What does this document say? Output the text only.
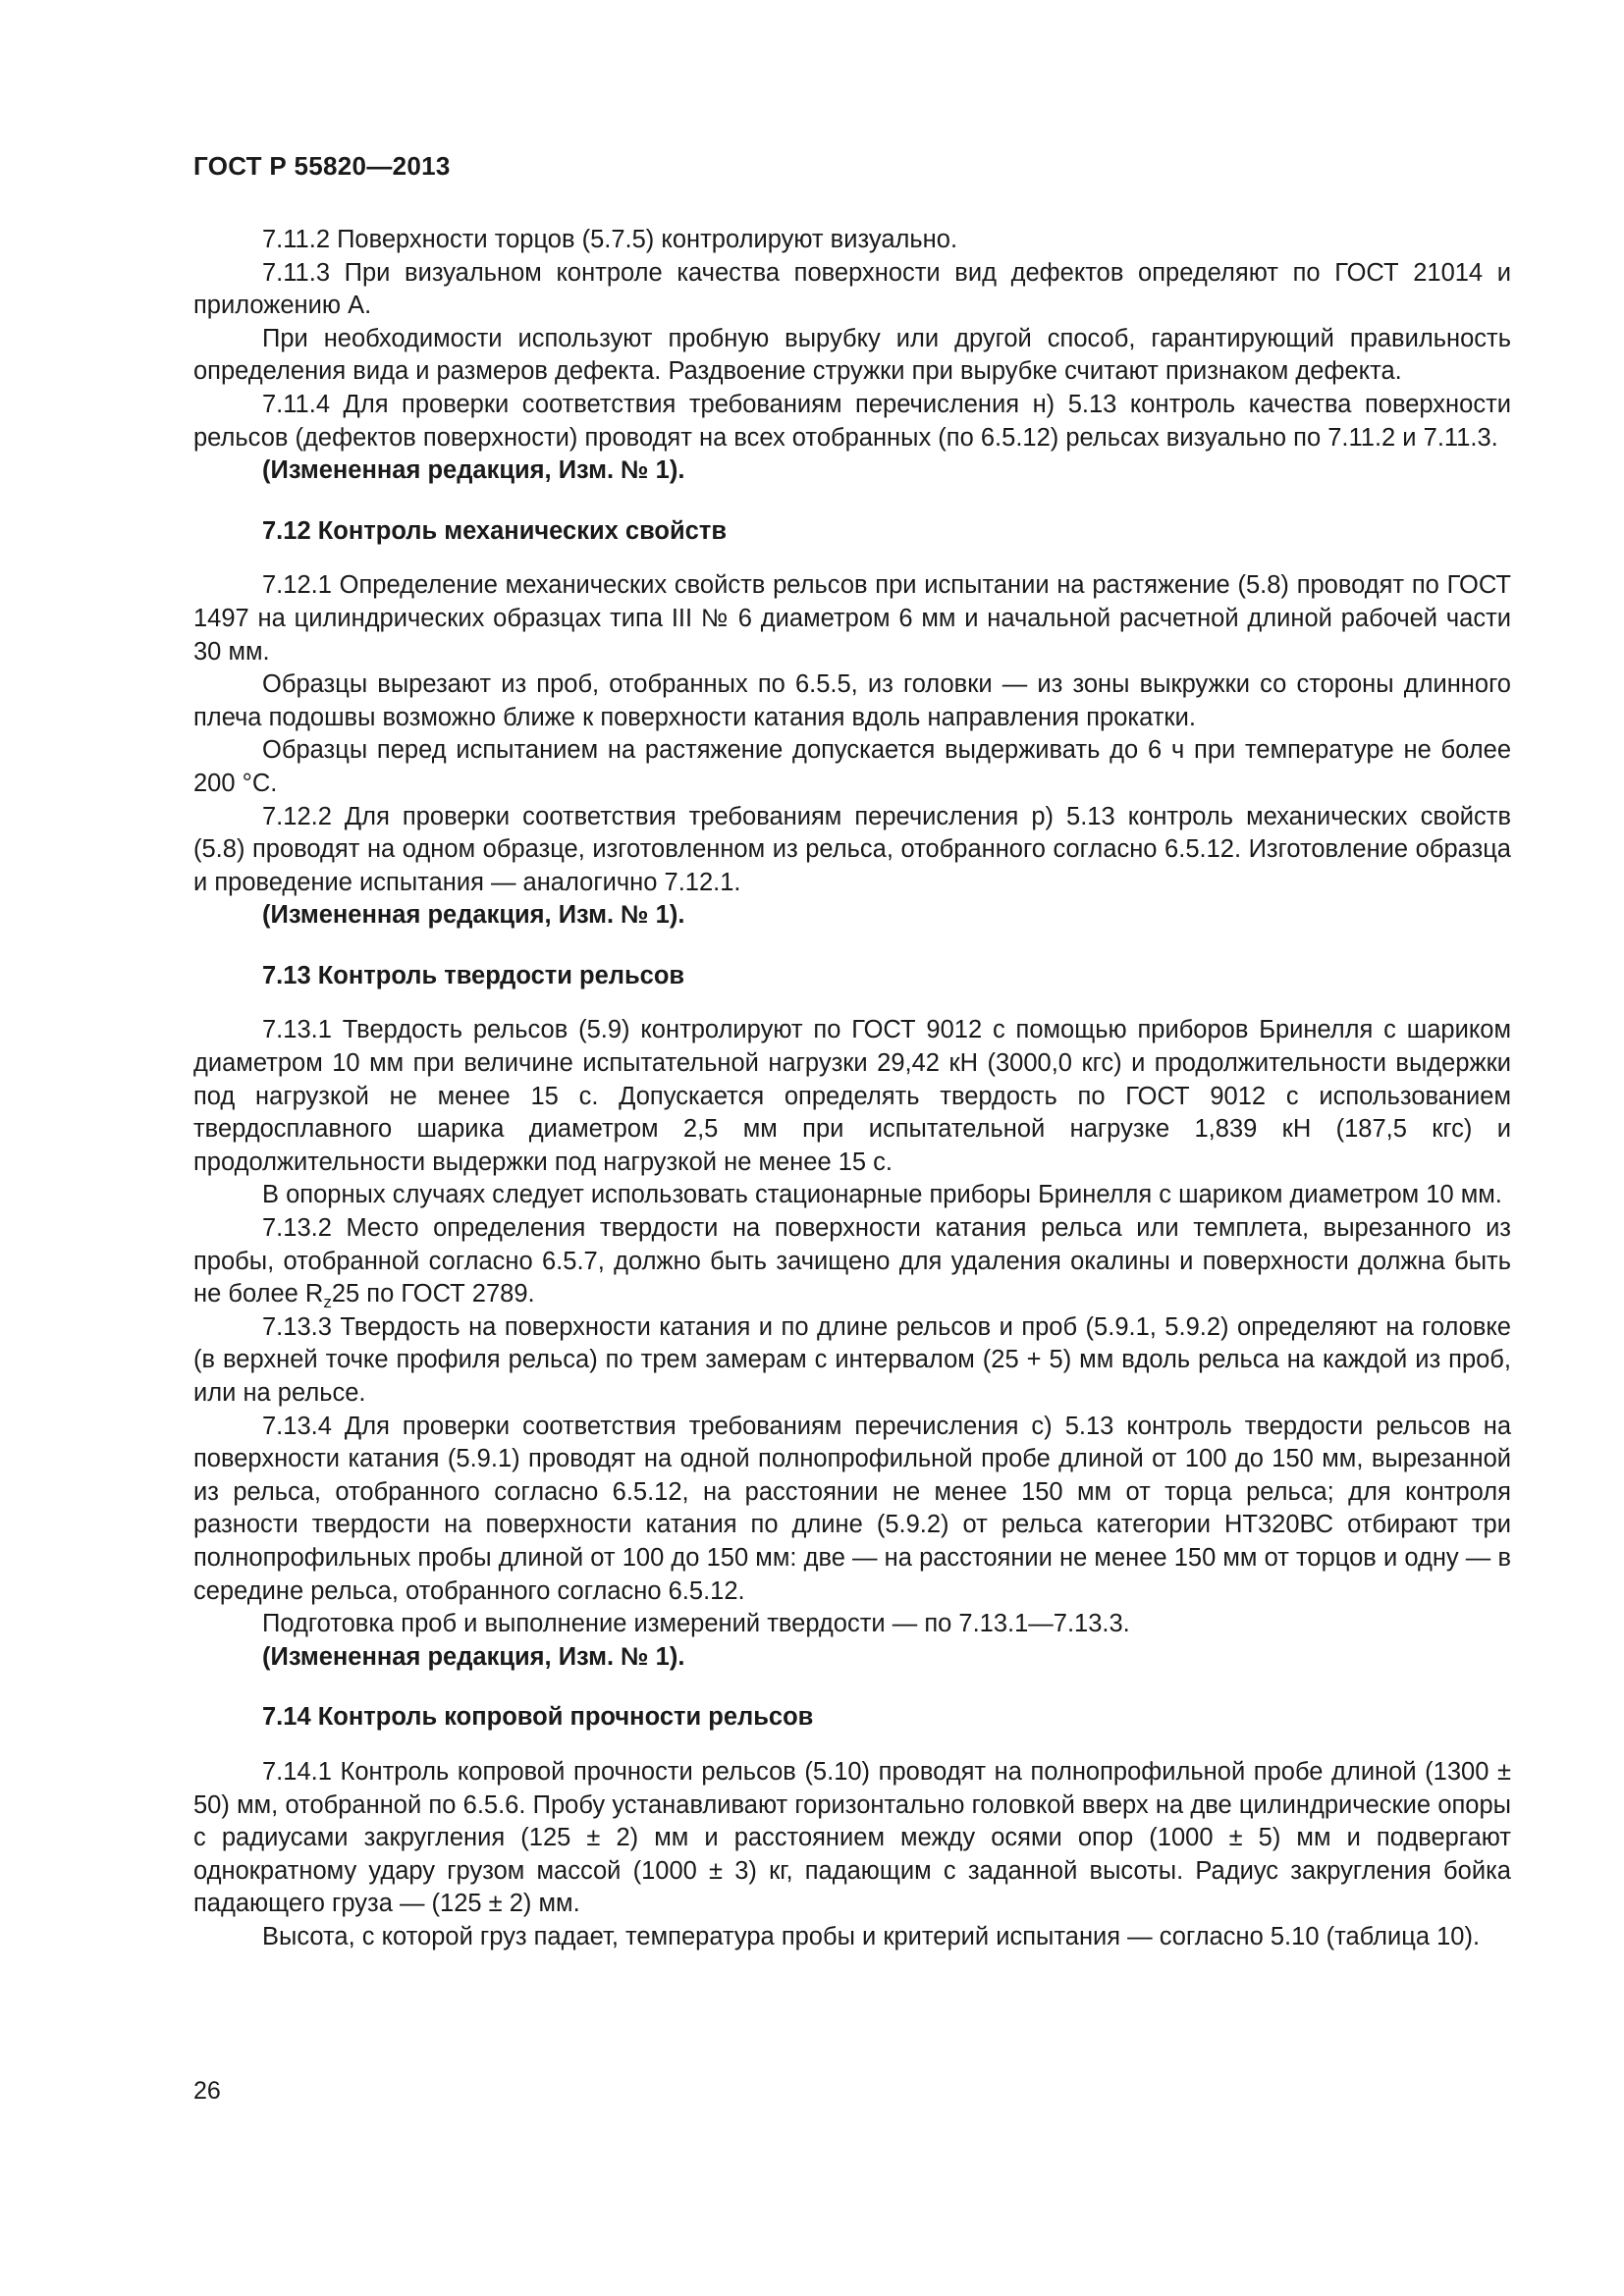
ГОСТ Р 55820—2013

7.11.2 Поверхности торцов (5.7.5) контролируют визуально.

7.11.3 При визуальном контроле качества поверхности вид дефектов определяют по ГОСТ 21014 и приложению А.

При необходимости используют пробную вырубку или другой способ, гарантирующий правильность определения вида и размеров дефекта. Раздвоение стружки при вырубке считают признаком дефекта.

7.11.4 Для проверки соответствия требованиям перечисления н) 5.13 контроль качества поверхности рельсов (дефектов поверхности) проводят на всех отобранных (по 6.5.12) рельсах визуально по 7.11.2 и 7.11.3.

(Измененная редакция, Изм. № 1).

7.12 Контроль механических свойств

7.12.1 Определение механических свойств рельсов при испытании на растяжение (5.8) проводят по ГОСТ 1497 на цилиндрических образцах типа III № 6 диаметром 6 мм и начальной расчетной длиной рабочей части 30 мм.

Образцы вырезают из проб, отобранных по 6.5.5, из головки — из зоны выкружки со стороны длинного плеча подошвы возможно ближе к поверхности катания вдоль направления прокатки.

Образцы перед испытанием на растяжение допускается выдерживать до 6 ч при температуре не более 200 °С.

7.12.2 Для проверки соответствия требованиям перечисления р) 5.13 контроль механических свойств (5.8) проводят на одном образце, изготовленном из рельса, отобранного согласно 6.5.12. Изготовление образца и проведение испытания — аналогично 7.12.1.

(Измененная редакция, Изм. № 1).

7.13 Контроль твердости рельсов

7.13.1 Твердость рельсов (5.9) контролируют по ГОСТ 9012 с помощью приборов Бринелля с шариком диаметром 10 мм при величине испытательной нагрузки 29,42 кН (3000,0 кгс) и продолжительности выдержки под нагрузкой не менее 15 с. Допускается определять твердость по ГОСТ 9012 с использованием твердосплавного шарика диаметром 2,5 мм при испытательной нагрузке 1,839 кН (187,5 кгс) и продолжительности выдержки под нагрузкой не менее 15 с.

В опорных случаях следует использовать стационарные приборы Бринелля с шариком диаметром 10 мм.

7.13.2 Место определения твердости на поверхности катания рельса или темплета, вырезанного из пробы, отобранной согласно 6.5.7, должно быть зачищено для удаления окалины и поверхности должна быть не более $R_z25$ по ГОСТ 2789.

7.13.3 Твердость на поверхности катания и по длине рельсов и проб (5.9.1, 5.9.2) определяют на головке (в верхней точке профиля рельса) по трем замерам с интервалом (25 + 5) мм вдоль рельса на каждой из проб, или на рельсе.

7.13.4 Для проверки соответствия требованиям перечисления с) 5.13 контроль твердости рельсов на поверхности катания (5.9.1) проводят на одной полнопрофильной пробе длиной от 100 до 150 мм, вырезанной из рельса, отобранного согласно 6.5.12, на расстоянии не менее 150 мм от торца рельса; для контроля разности твердости на поверхности катания по длине (5.9.2) от рельса категории НТ320ВС отбирают три полнопрофильных пробы длиной от 100 до 150 мм: две — на расстоянии не менее 150 мм от торцов и одну — в середине рельса, отобранного согласно 6.5.12.

Подготовка проб и выполнение измерений твердости — по 7.13.1—7.13.3.

(Измененная редакция, Изм. № 1).

7.14 Контроль копровой прочности рельсов

7.14.1 Контроль копровой прочности рельсов (5.10) проводят на полнопрофильной пробе длиной (1300 ± 50) мм, отобранной по 6.5.6. Пробу устанавливают горизонтально головкой вверх на две цилиндрические опоры с радиусами закругления (125 ± 2) мм и расстоянием между осями опор (1000 ± 5) мм и подвергают однократному удару грузом массой (1000 ± 3) кг, падающим с заданной высоты. Радиус закругления бойка падающего груза — (125 ± 2) мм.

Высота, с которой груз падает, температура пробы и критерий испытания — согласно 5.10 (таблица 10).

26
